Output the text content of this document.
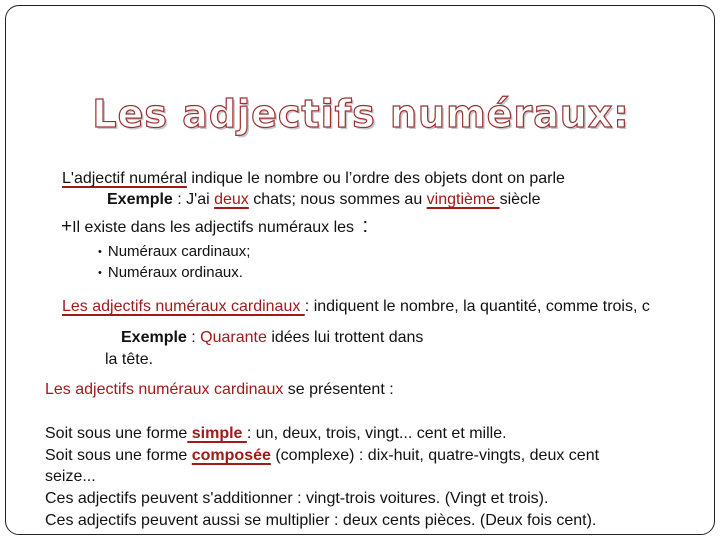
Les adjectifs numéraux:
L'adjectif numéral indique le nombre ou l’ordre des objets dont on parle
Exemple : J'ai deux chats; nous sommes au vingtième siècle
+Il existe dans les adjectifs numéraux les :
• Numéraux cardinaux;
• Numéraux ordinaux.
Les adjectifs numéraux cardinaux : indiquent le nombre, la quantité, comme trois, c
Exemple : Quarante idées lui trottent dans
la tête.
Les adjectifs numéraux cardinaux se présentent :
Soit sous une forme simple : un, deux, trois, vingt... cent et mille.
Soit sous une forme composée (complexe) : dix-huit, quatre-vingts, deux cent
seize...
Ces adjectifs peuvent s'additionner : vingt-trois voitures. (Vingt et trois).
Ces adjectifs peuvent aussi se multiplier : deux cents pièces. (Deux fois cent).
